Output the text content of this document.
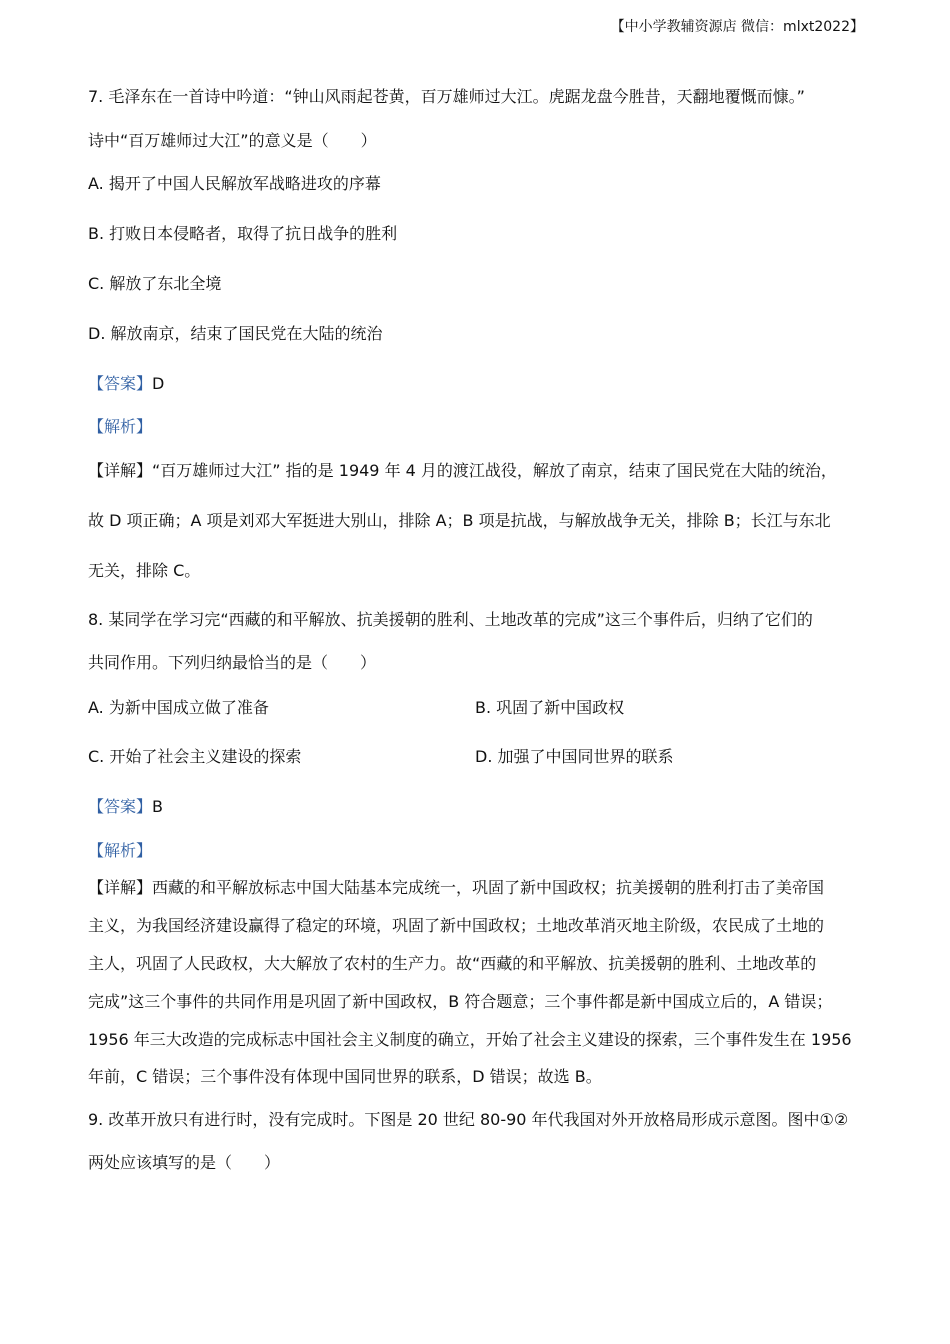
【中小学教辅资源店 微信：mlxt2022】
7. 毛泽东在一首诗中吟道：“钟山风雨起苍黄，百万雄师过大江。虎踞龙盘今胜昔，天翻地覆慨而慷。”
诗中“百万雄师过大江”的意义是（　　）
A. 揭开了中国人民解放军战略进攻的序幕
B. 打败日本侵略者，取得了抗日战争的胜利
C. 解放了东北全境
D. 解放南京，结束了国民党在大陆的统治
【答案】D
【解析】
【详解】“百万雄师过大江” 指的是 1949 年 4 月的渡江战役，解放了南京，结束了国民党在大陆的统治，
故 D 项正确；A 项是刘邓大军挺进大别山，排除 A；B 项是抗战，与解放战争无关，排除 B；长江与东北
无关，排除 C。
8. 某同学在学习完“西藏的和平解放、抗美援朝的胜利、土地改革的完成”这三个事件后，归纳了它们的
共同作用。下列归纳最恰当的是（　　）
A. 为新中国成立做了准备	B. 巩固了新中国政权
C. 开始了社会主义建设的探索	D. 加强了中国同世界的联系
【答案】B
【解析】
【详解】西藏的和平解放标志中国大陆基本完成统一，巩固了新中国政权；抗美援朝的胜利打击了美帝国
主义，为我国经济建设赢得了稳定的环境，巩固了新中国政权；土地改革消灭地主阶级，农民成了土地的
主人，巩固了人民政权，大大解放了农村的生产力。故“西藏的和平解放、抗美援朝的胜利、土地改革的
完成”这三个事件的共同作用是巩固了新中国政权，B 符合题意；三个事件都是新中国成立后的，A 错误；
1956 年三大改造的完成标志中国社会主义制度的确立，开始了社会主义建设的探索，三个事件发生在 1956
年前，C 错误；三个事件没有体现中国同世界的联系，D 错误；故选 B。
9. 改革开放只有进行时，没有完成时。下图是 20 世纪 80-90 年代我国对外开放格局形成示意图。图中①②
两处应该填写的是（　　）
